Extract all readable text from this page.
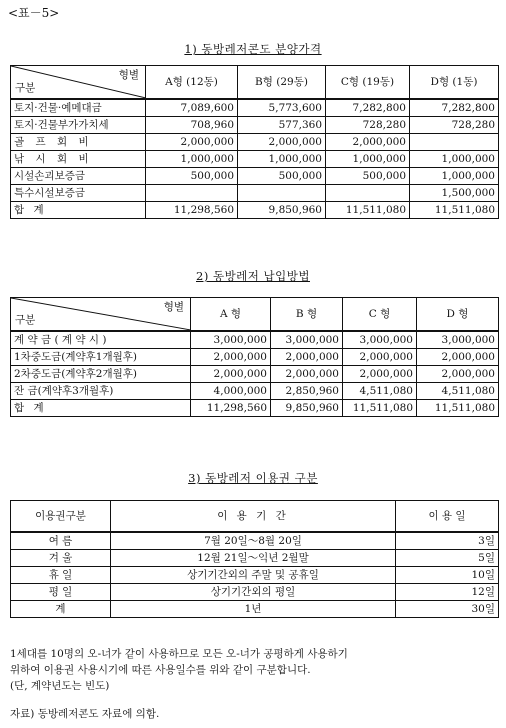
<표－5>
1) 동방레저콘도 분양가격
형별
구분	A형 (12동)	B형 (29동)	C형 (19동)	D형 (1동)
토지·건물·예메대금	7,089,600	5,773,600	7,282,800	7,282,800
토지·건물부가가치세	708,960	577,360	728,280	728,280
골 프 회 비	2,000,000	2,000,000	2,000,000	
낚 시 회 비	1,000,000	1,000,000	1,000,000	1,000,000
시설손괴보증금	500,000	500,000	500,000	1,000,000
특수시설보증금				1,500,000
합 계	11,298,560	9,850,960	11,511,080	11,511,080
2) 동방레저 납입방법
형별
구분	A 형	B 형	C 형	D 형
계 약 금 ( 계 약 시 )	3,000,000	3,000,000	3,000,000	3,000,000
1차중도금(계약후1개월후)	2,000,000	2,000,000	2,000,000	2,000,000
2차중도금(계약후2개월후)	2,000,000	2,000,000	2,000,000	2,000,000
잔 금(계약후3개월후)	4,000,000	2,850,960	4,511,080	4,511,080
합 계	11,298,560	9,850,960	11,511,080	11,511,080
3) 동방레저 이용권 구분
이용권구분	이 용 기 간	이 용 일
여 름	7월 20일～8월 20일	3일
겨 울	12월 21일～익년 2월말	5일
휴 일	상기기간외의 주말 및 공휴일	10일
평 일	상기기간외의 평일	12일
계	1년	30일
1세대를 10명의 오-너가 같이 사용하므로 모든 오-너가 공평하게 사용하기
위하여 이용권 사용시기에 따른 사용일수를 위와 같이 구분합니다.
(단, 계약년도는 빈도)
자료) 동방레저콘도 자료에 의함.
